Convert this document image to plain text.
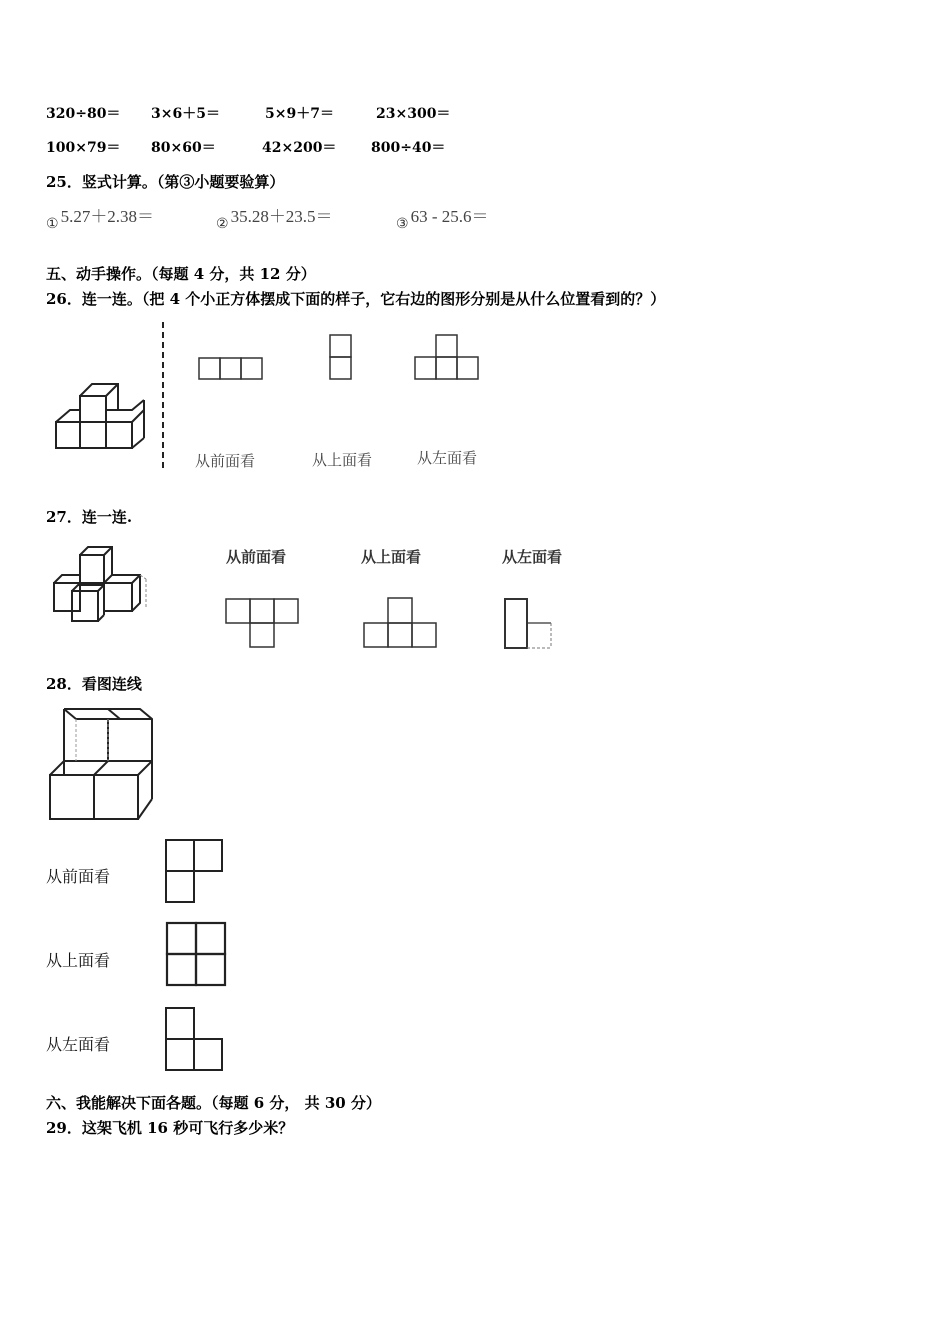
320÷80＝ 3×6＋5＝	5×9＋7＝	23×300＝
100×79＝ 80×60＝	42×200＝ 800÷40＝
25．竖式计算。（第③小题要验算）
$_①$ 5.27＋2.38＝	$_②$ 35.28＋23.5＝	$_③$ 63 - 25.6＝
五、动手操作。（每题 4 分，共 12 分）
26．连一连。（把 4 个小正方体摆成下面的样子，它右边的图形分别是从什么位置看到的？）
从前面看	从上面看	从左面看
27．连一连.
从前面看	从上面看	从左面看
28．看图连线
从前面看
从上面看
从左面看
六、我能解决下面各题。（每题 6 分， 共 30 分）
29．这架飞机 16 秒可飞行多少米？
